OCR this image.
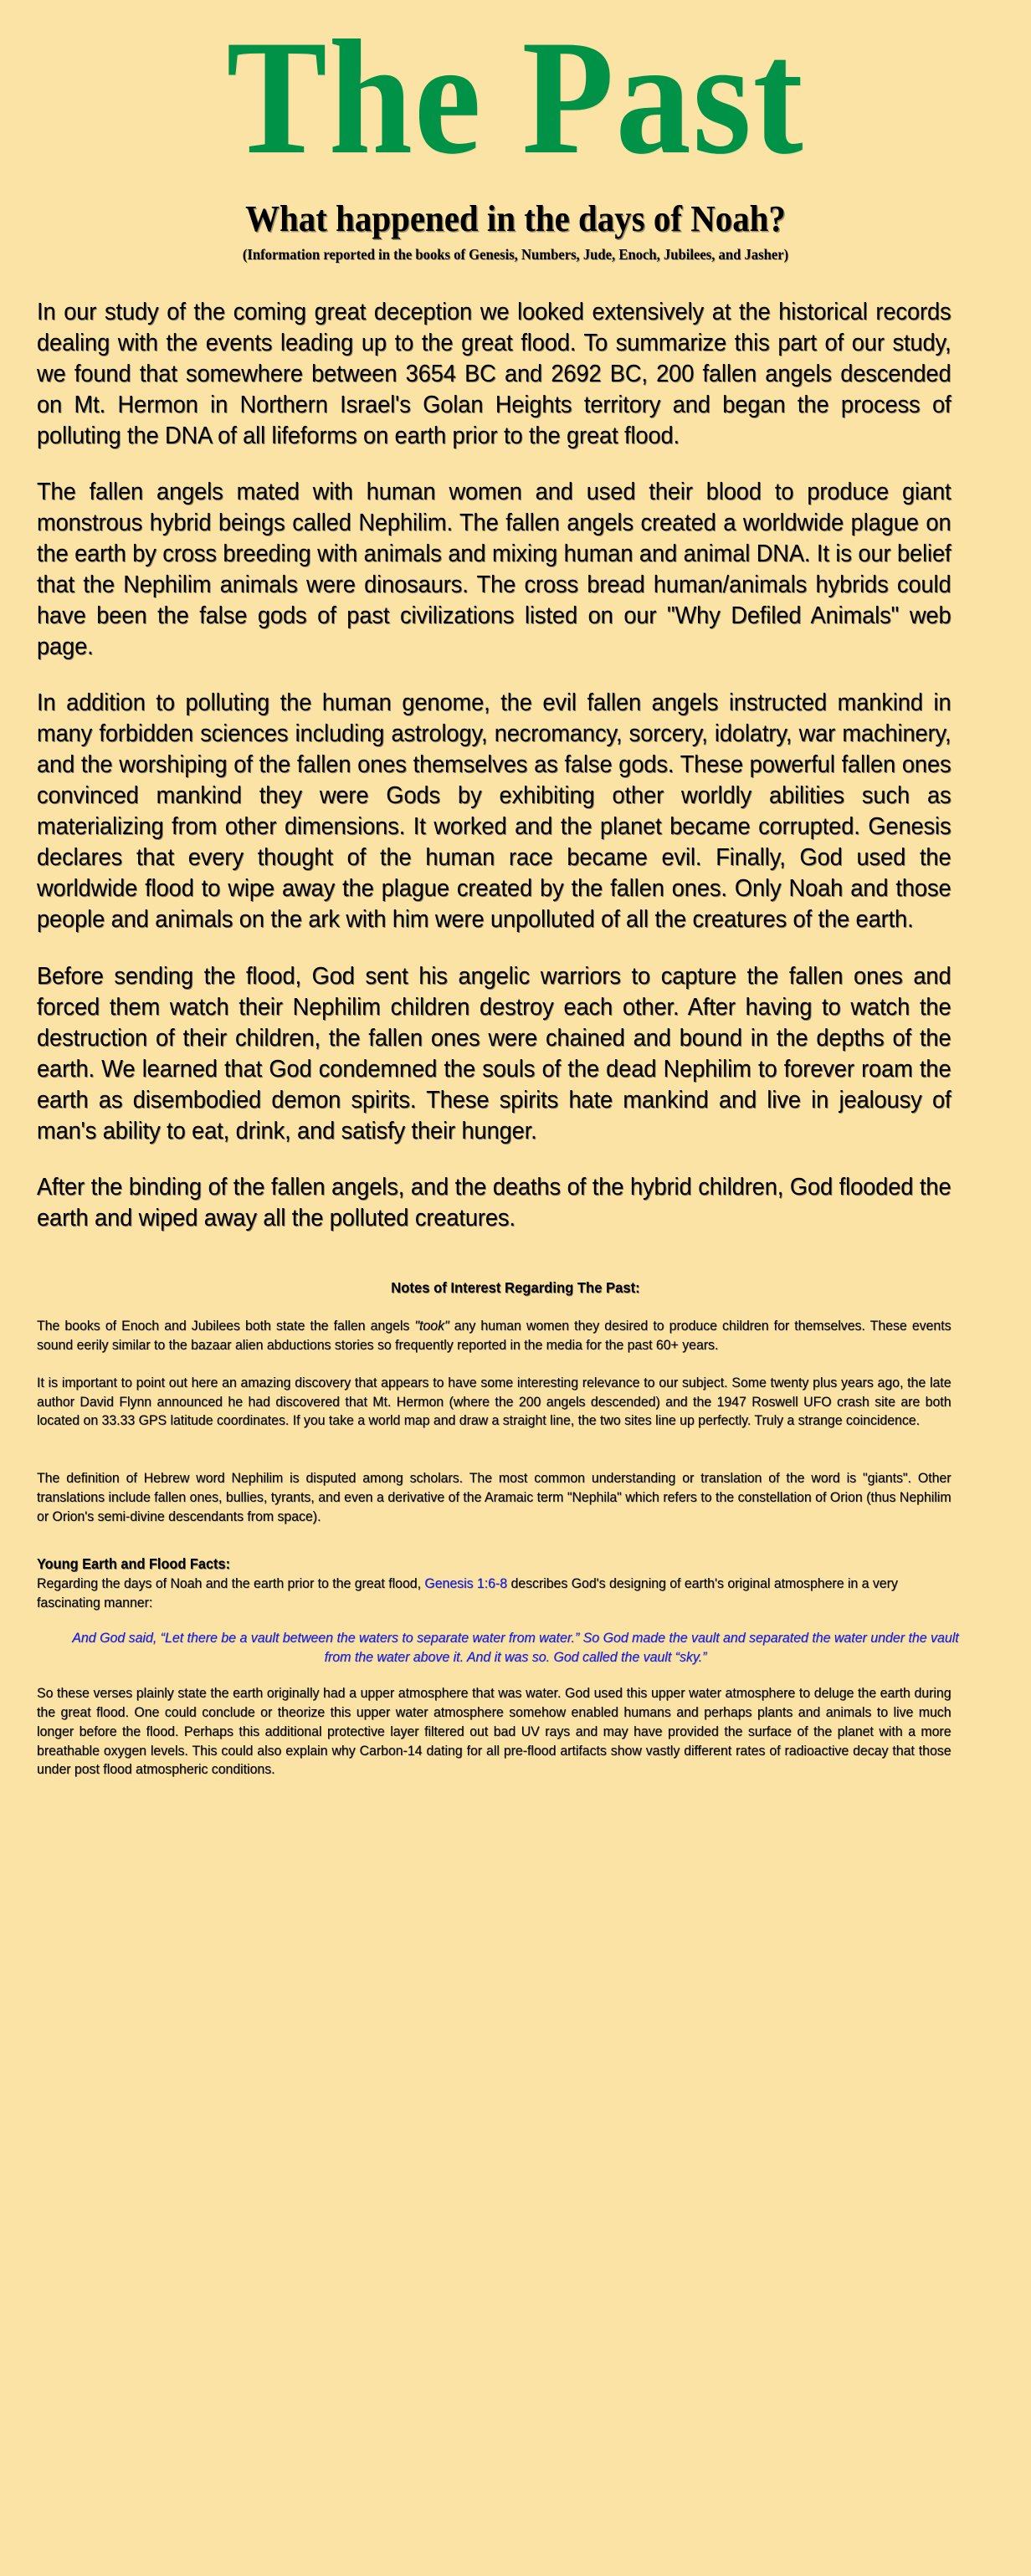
The Past
What happened in the days of Noah?
(Information reported in the books of Genesis, Numbers, Jude, Enoch, Jubilees, and Jasher)

In our study of the coming great deception we looked extensively at the historical records dealing with the events leading up to the great flood. To summarize this part of our study, we found that somewhere between 3654 BC and 2692 BC, 200 fallen angels descended on Mt. Hermon in Northern Israel's Golan Heights territory and began the process of polluting the DNA of all lifeforms on earth prior to the great flood.

The fallen angels mated with human women and used their blood to produce giant monstrous hybrid beings called Nephilim. The fallen angels created a worldwide plague on the earth by cross breeding with animals and mixing human and animal DNA. It is our belief that the Nephilim animals were dinosaurs. The cross bread human/animals hybrids could have been the false gods of past civilizations listed on our "Why Defiled Animals" web page.

In addition to polluting the human genome, the evil fallen angels instructed mankind in many forbidden sciences including astrology, necromancy, sorcery, idolatry, war machinery, and the worshiping of the fallen ones themselves as false gods. These powerful fallen ones convinced mankind they were Gods by exhibiting other worldly abilities such as materializing from other dimensions. It worked and the planet became corrupted. Genesis declares that every thought of the human race became evil. Finally, God used the worldwide flood to wipe away the plague created by the fallen ones. Only Noah and those people and animals on the ark with him were unpolluted of all the creatures of the earth.

Before sending the flood, God sent his angelic warriors to capture the fallen ones and forced them watch their Nephilim children destroy each other. After having to watch the destruction of their children, the fallen ones were chained and bound in the depths of the earth. We learned that God condemned the souls of the dead Nephilim to forever roam the earth as disembodied demon spirits. These spirits hate mankind and live in jealousy of man's ability to eat, drink, and satisfy their hunger.

After the binding of the fallen angels, and the deaths of the hybrid children, God flooded the earth and wiped away all the polluted creatures.

Notes of Interest Regarding The Past:

The books of Enoch and Jubilees both state the fallen angels "took" any human women they desired to produce children for themselves. These events sound eerily similar to the bazaar alien abductions stories so frequently reported in the media for the past 60+ years.

It is important to point out here an amazing discovery that appears to have some interesting relevance to our subject. Some twenty plus years ago, the late author David Flynn announced he had discovered that Mt. Hermon (where the 200 angels descended) and the 1947 Roswell UFO crash site are both located on 33.33 GPS latitude coordinates. If you take a world map and draw a straight line, the two sites line up perfectly. Truly a strange coincidence.

The definition of Hebrew word Nephilim is disputed among scholars. The most common understanding or translation of the word is "giants". Other translations include fallen ones, bullies, tyrants, and even a derivative of the Aramaic term "Nephila" which refers to the constellation of Orion (thus Nephilim or Orion's semi-divine descendants from space).

Young Earth and Flood Facts:

Regarding the days of Noah and the earth prior to the great flood, Genesis 1:6-8 describes God's designing of earth's original atmosphere in a very fascinating manner:

And God said, “Let there be a vault between the waters to separate water from water.” So God made the vault and separated the water under the vault from the water above it. And it was so. God called the vault “sky.”

So these verses plainly state the earth originally had a upper atmosphere that was water. God used this upper water atmosphere to deluge the earth during the great flood. One could conclude or theorize this upper water atmosphere somehow enabled humans and perhaps plants and animals to live much longer before the flood. Perhaps this additional protective layer filtered out bad UV rays and may have provided the surface of the planet with a more breathable oxygen levels. This could also explain why Carbon-14 dating for all pre-flood artifacts show vastly different rates of radioactive decay that those under post flood atmospheric conditions.
